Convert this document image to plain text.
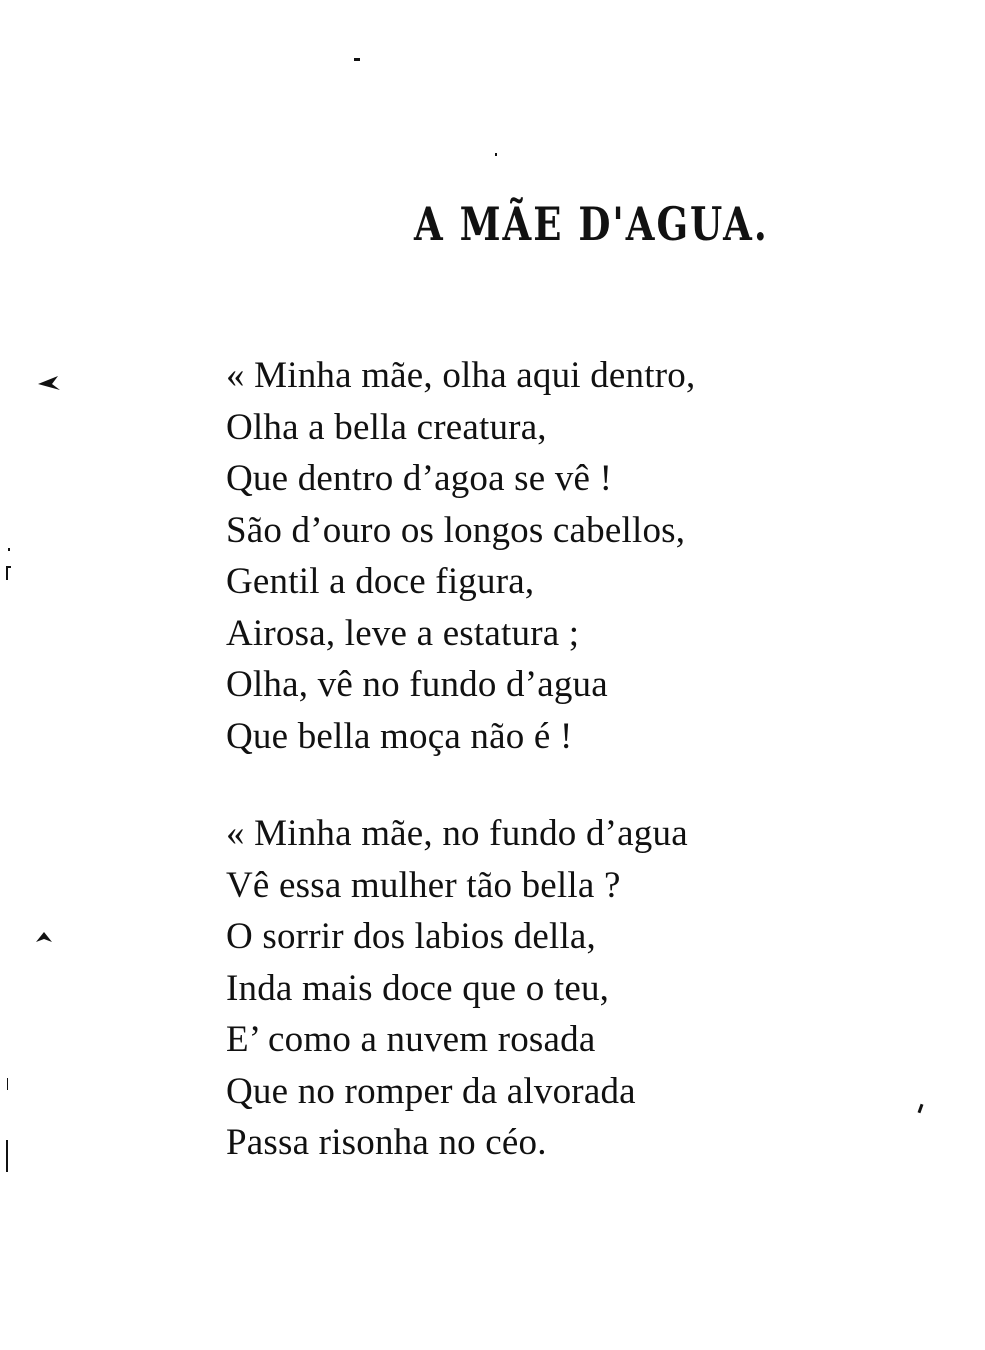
A MÃE D'AGUA.
« Minha mãe, olha aqui dentro,
Olha a bella creatura,
Que dentro d’agoa se vê !
São d’ouro os longos cabellos,
Gentil a doce figura,
Airosa, leve a estatura ;
Olha, vê no fundo d’agua
Que bella moça não é !
« Minha mãe, no fundo d’agua
Vê essa mulher tão bella ?
O sorrir dos labios della,
Inda mais doce que o teu,
E’ como a nuvem rosada
Que no romper da alvorada
Passa risonha no céo.
